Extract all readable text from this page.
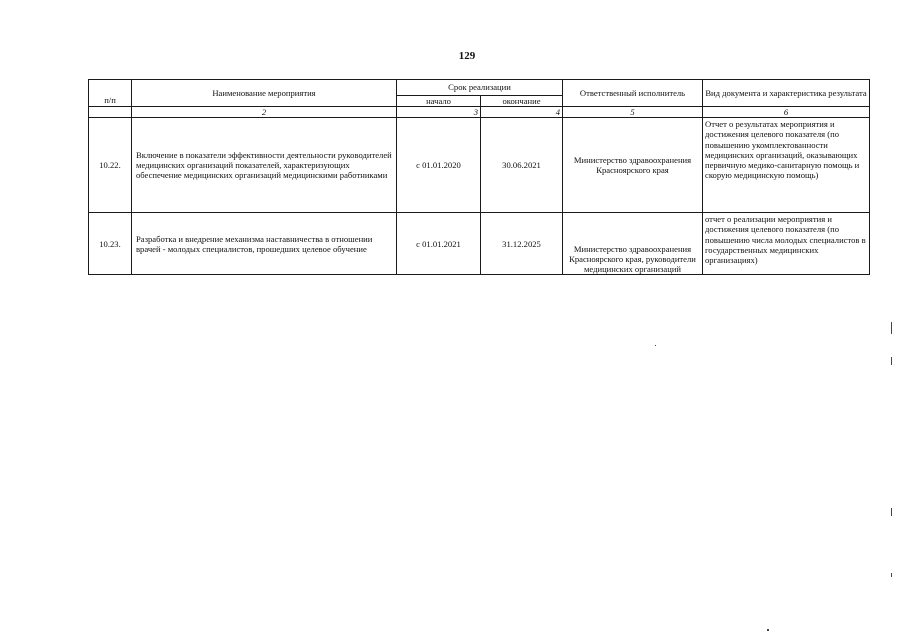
129
п/п	Наименование мероприятия	Срок реализации		Ответственный исполнитель	Вид документа и характеристика результата
		начало	окончание		
	2	3	4	5	6
10.22.	Включение в показатели эффективности деятельности руководителей медицинских организаций показателей, характеризующих обеспечение медицинских организаций медицинскими работниками	с 01.01.2020	30.06.2021	Министерство здравоохранения Красноярского края	Отчет о результатах мероприятия и достижения целевого показателя (по повышению укомплектованности медицинских организаций, оказывающих первичную медико-санитарную помощь и скорую медицинскую помощь)
10.23.	Разработка и внедрение механизма наставничества в отношении врачей - молодых специалистов, прошедших целевое обучение	с 01.01.2021	31.12.2025	Министерство здравоохранения Красноярского края, руководители медицинских организаций	отчет о реализации мероприятия и достижения целевого показателя (по повышению числа молодых специалистов в государственных медицинских организациях)
